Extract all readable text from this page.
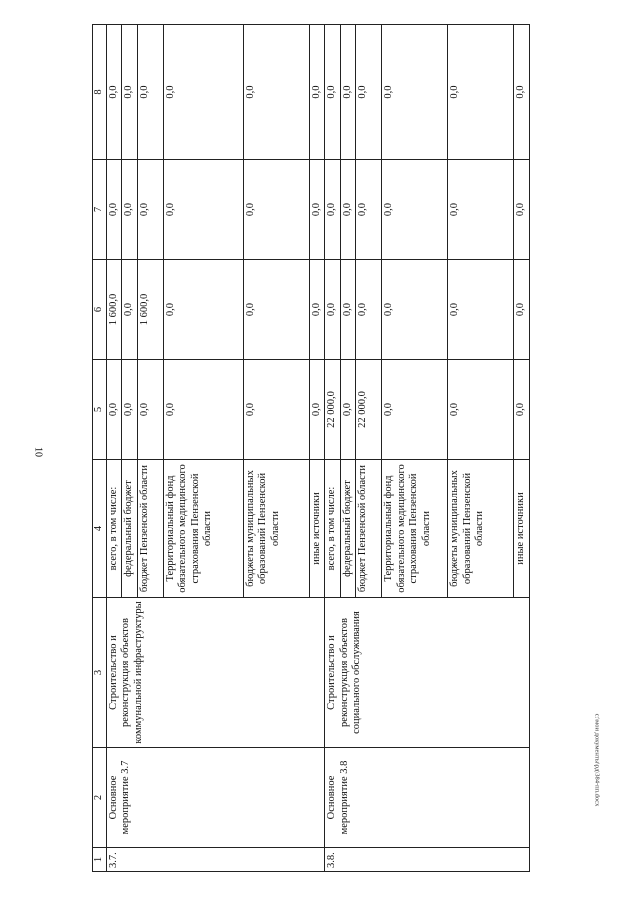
10
1	2	3	4	5	6	7	8
3.7.	Основное мероприятие 3.7	Строительство и реконструкция объектов коммунальной инфраструктуры	всего, в том числе:	0,0	1 600,0	0,0	0,0
			федеральный бюджет	0,0	0,0	0,0	0,0
			бюджет Пензенской области	0,0	1 600,0	0,0	0,0
			Территориальный фонд обязательного медицинского страхования Пензенской области	0,0	0,0	0,0	0,0
			бюджеты муниципальных образований Пензенской области	0,0	0,0	0,0	0,0
			иные источники	0,0	0,0	0,0	0,0
3.8.	Основное мероприятие 3.8	Строительство и реконструкция объектов социального обслуживания	всего, в том числе:	22 000,0	0,0	0,0	0,0
			федеральный бюджет	0,0	0,0	0,0	0,0
			бюджет Пензенской области	22 000,0	0,0	0,0	0,0
			Территориальный фонд обязательного медицинского страхования Пензенской области	0,0	0,0	0,0	0,0
			бюджеты муниципальных образований Пензенской области	0,0	0,0	0,0	0,0
			иные источники	0,0	0,0	0,0	0,0
c:\мои документы\рд\384-пп.docx
